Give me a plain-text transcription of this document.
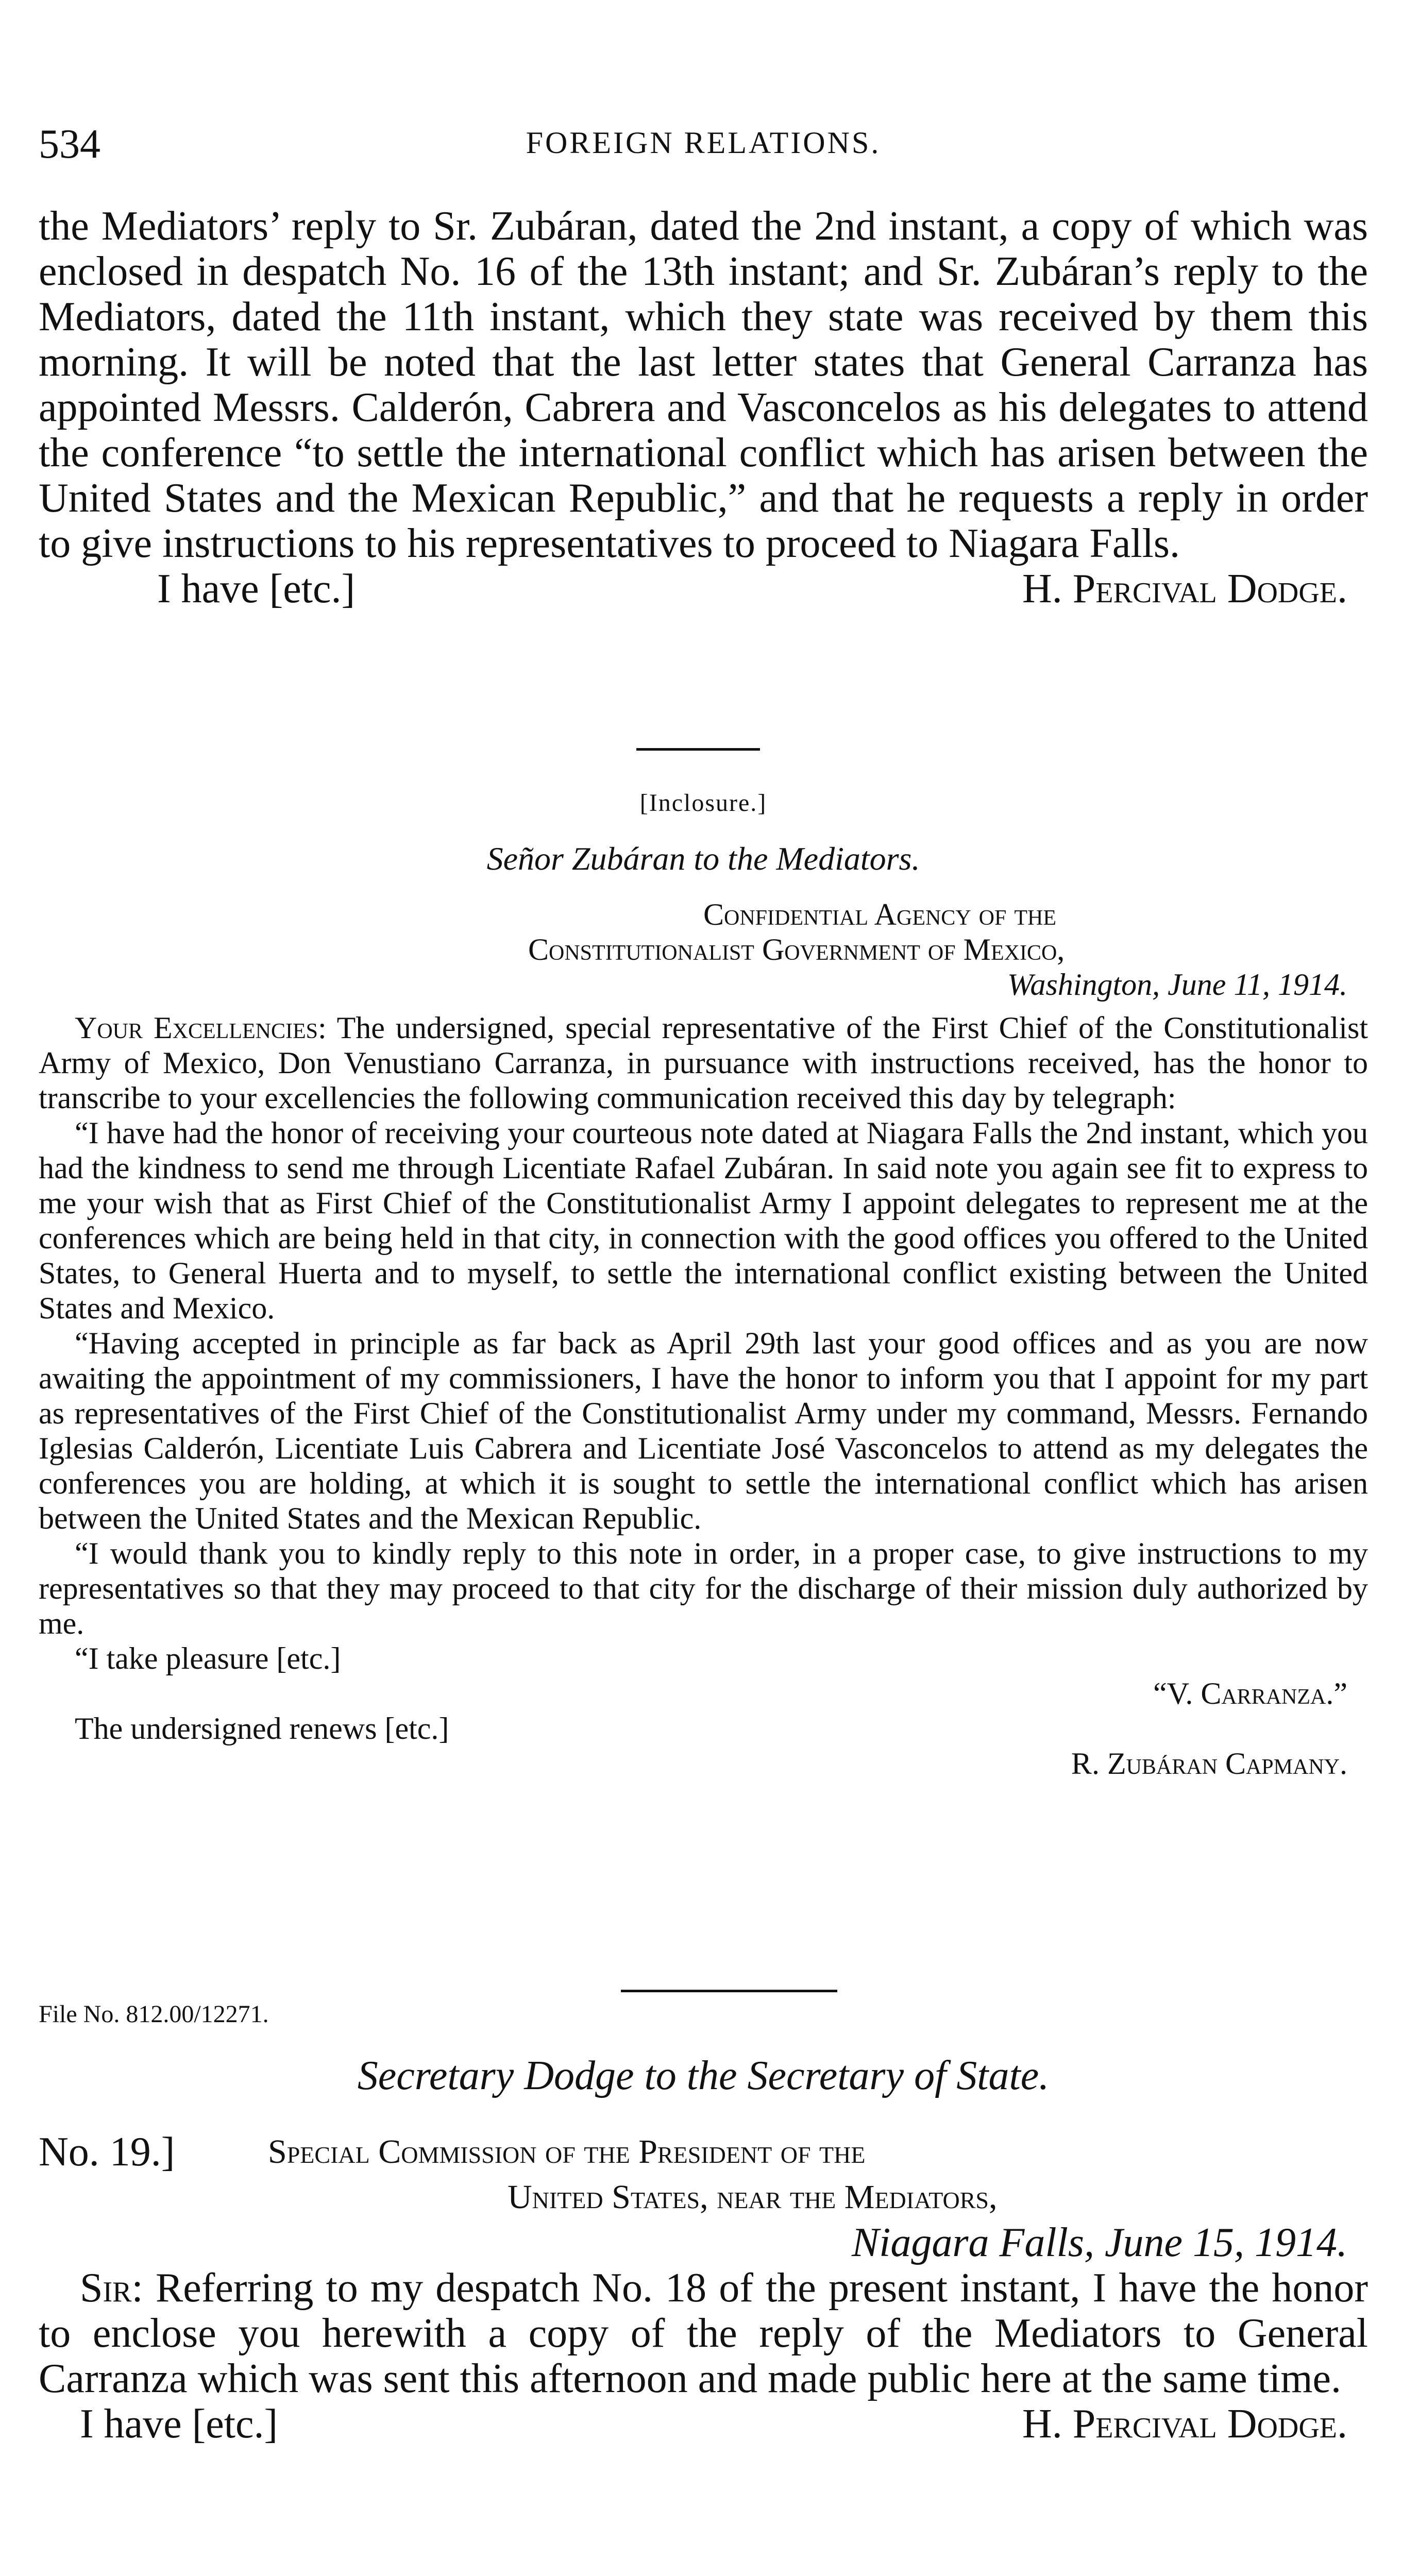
534	FOREIGN RELATIONS.

the Mediators’ reply to Sr. Zubáran, dated the 2nd instant, a copy of which was enclosed in despatch No. 16 of the 13th instant; and Sr. Zubáran’s reply to the Mediators, dated the 11th instant, which they state was received by them this morning. It will be noted that the last letter states that General Carranza has appointed Messrs. Calderón, Cabrera and Vasconcelos as his delegates to attend the conference “to settle the international conflict which has arisen between the United States and the Mexican Republic,” and that he requests a reply in order to give instructions to his representatives to proceed to Niagara Falls.

I have [etc.]	H. Percival Dodge.

[Inclosure.]

Señor Zubáran to the Mediators.

Confidential Agency of the

Constitutionalist Government of Mexico,

Washington, June 11, 1914.

Your Excellencies: The undersigned, special representative of the First Chief of the Constitutionalist Army of Mexico, Don Venustiano Carranza, in pursuance with instructions received, has the honor to transcribe to your excellencies the following communication received this day by telegraph:

“I have had the honor of receiving your courteous note dated at Niagara Falls the 2nd instant, which you had the kindness to send me through Licentiate Rafael Zubáran. In said note you again see fit to express to me your wish that as First Chief of the Constitutionalist Army I appoint delegates to represent me at the conferences which are being held in that city, in connection with the good offices you offered to the United States, to General Huerta and to myself, to settle the international conflict existing between the United States and Mexico.

“Having accepted in principle as far back as April 29th last your good offices and as you are now awaiting the appointment of my commissioners, I have the honor to inform you that I appoint for my part as representatives of the First Chief of the Constitutionalist Army under my command, Messrs. Fernando Iglesias Calderón, Licentiate Luis Cabrera and Licentiate José Vasconcelos to attend as my delegates the conferences you are holding, at which it is sought to settle the international conflict which has arisen between the United States and the Mexican Republic.

“I would thank you to kindly reply to this note in order, in a proper case, to give instructions to my representatives so that they may proceed to that city for the discharge of their mission duly authorized by me.

“I take pleasure [etc.]

“V. Carranza.”

The undersigned renews [etc.]

R. Zubáran Capmany.

File No. 812.00/12271.

Secretary Dodge to the Secretary of State.

No. 19.]	Special Commission of the President of the

United States, near the Mediators,

Niagara Falls, June 15, 1914.

Sir: Referring to my despatch No. 18 of the present instant, I have the honor to enclose you herewith a copy of the reply of the Mediators to General Carranza which was sent this afternoon and made public here at the same time.

I have [etc.]	H. Percival Dodge.
